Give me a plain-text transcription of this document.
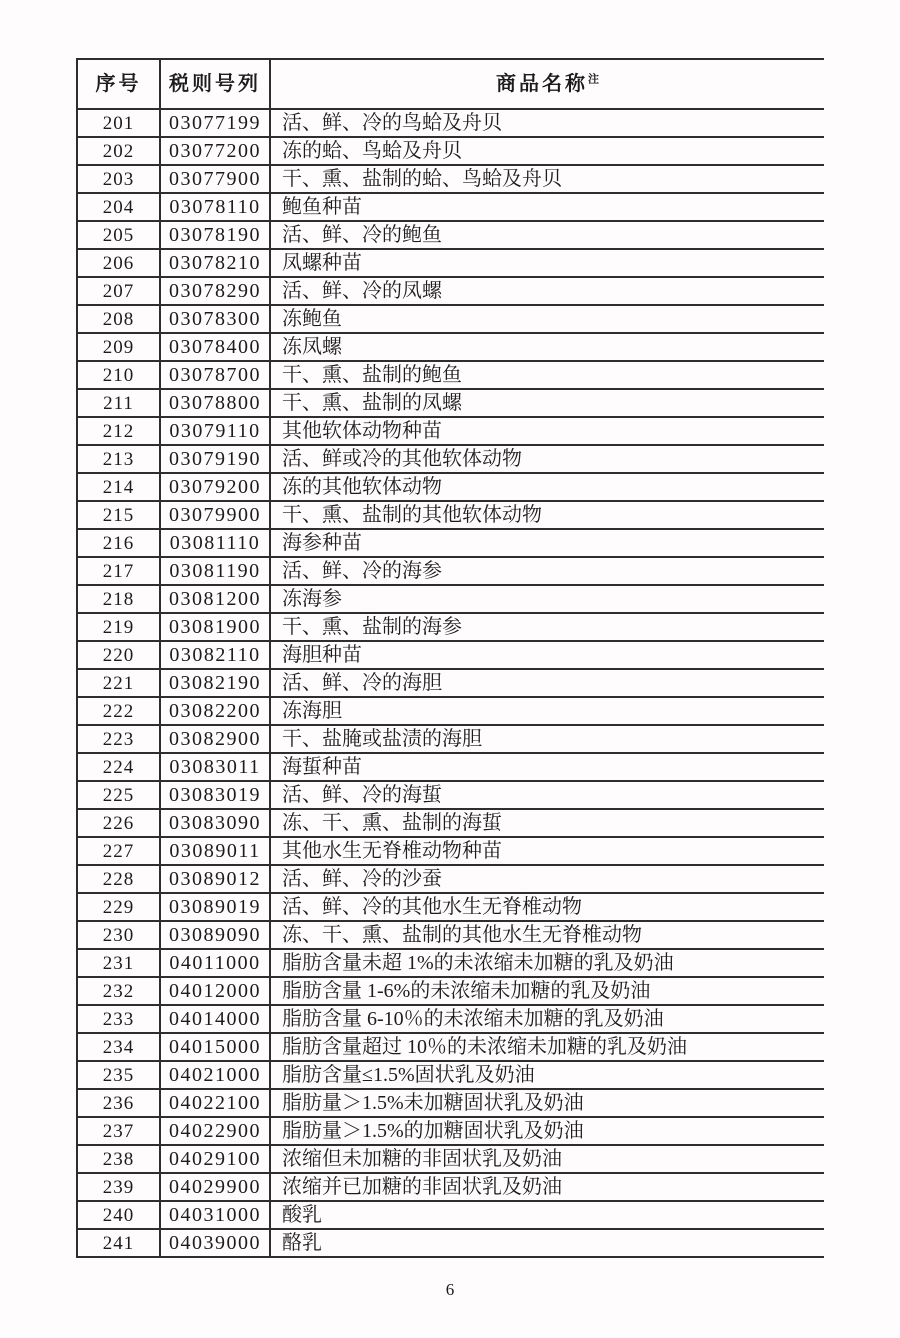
序号	税则号列	商品名称$^注$
201	03077199	活、鲜、冷的鸟蛤及舟贝
202	03077200	冻的蛤、鸟蛤及舟贝
203	03077900	干、熏、盐制的蛤、鸟蛤及舟贝
204	03078110	鲍鱼种苗
205	03078190	活、鲜、冷的鲍鱼
206	03078210	凤螺种苗
207	03078290	活、鲜、冷的凤螺
208	03078300	冻鲍鱼
209	03078400	冻凤螺
210	03078700	干、熏、盐制的鲍鱼
211	03078800	干、熏、盐制的凤螺
212	03079110	其他软体动物种苗
213	03079190	活、鲜或冷的其他软体动物
214	03079200	冻的其他软体动物
215	03079900	干、熏、盐制的其他软体动物
216	03081110	海参种苗
217	03081190	活、鲜、冷的海参
218	03081200	冻海参
219	03081900	干、熏、盐制的海参
220	03082110	海胆种苗
221	03082190	活、鲜、冷的海胆
222	03082200	冻海胆
223	03082900	干、盐腌或盐渍的海胆
224	03083011	海蜇种苗
225	03083019	活、鲜、冷的海蜇
226	03083090	冻、干、熏、盐制的海蜇
227	03089011	其他水生无脊椎动物种苗
228	03089012	活、鲜、冷的沙蚕
229	03089019	活、鲜、冷的其他水生无脊椎动物
230	03089090	冻、干、熏、盐制的其他水生无脊椎动物
231	04011000	脂肪含量未超 1%的未浓缩未加糖的乳及奶油
232	04012000	脂肪含量 1-6%的未浓缩未加糖的乳及奶油
233	04014000	脂肪含量 6-10％的未浓缩未加糖的乳及奶油
234	04015000	脂肪含量超过 10％的未浓缩未加糖的乳及奶油
235	04021000	脂肪含量≤1.5%固状乳及奶油
236	04022100	脂肪量＞1.5%未加糖固状乳及奶油
237	04022900	脂肪量＞1.5%的加糖固状乳及奶油
238	04029100	浓缩但未加糖的非固状乳及奶油
239	04029900	浓缩并已加糖的非固状乳及奶油
240	04031000	酸乳
241	04039000	酪乳
6
